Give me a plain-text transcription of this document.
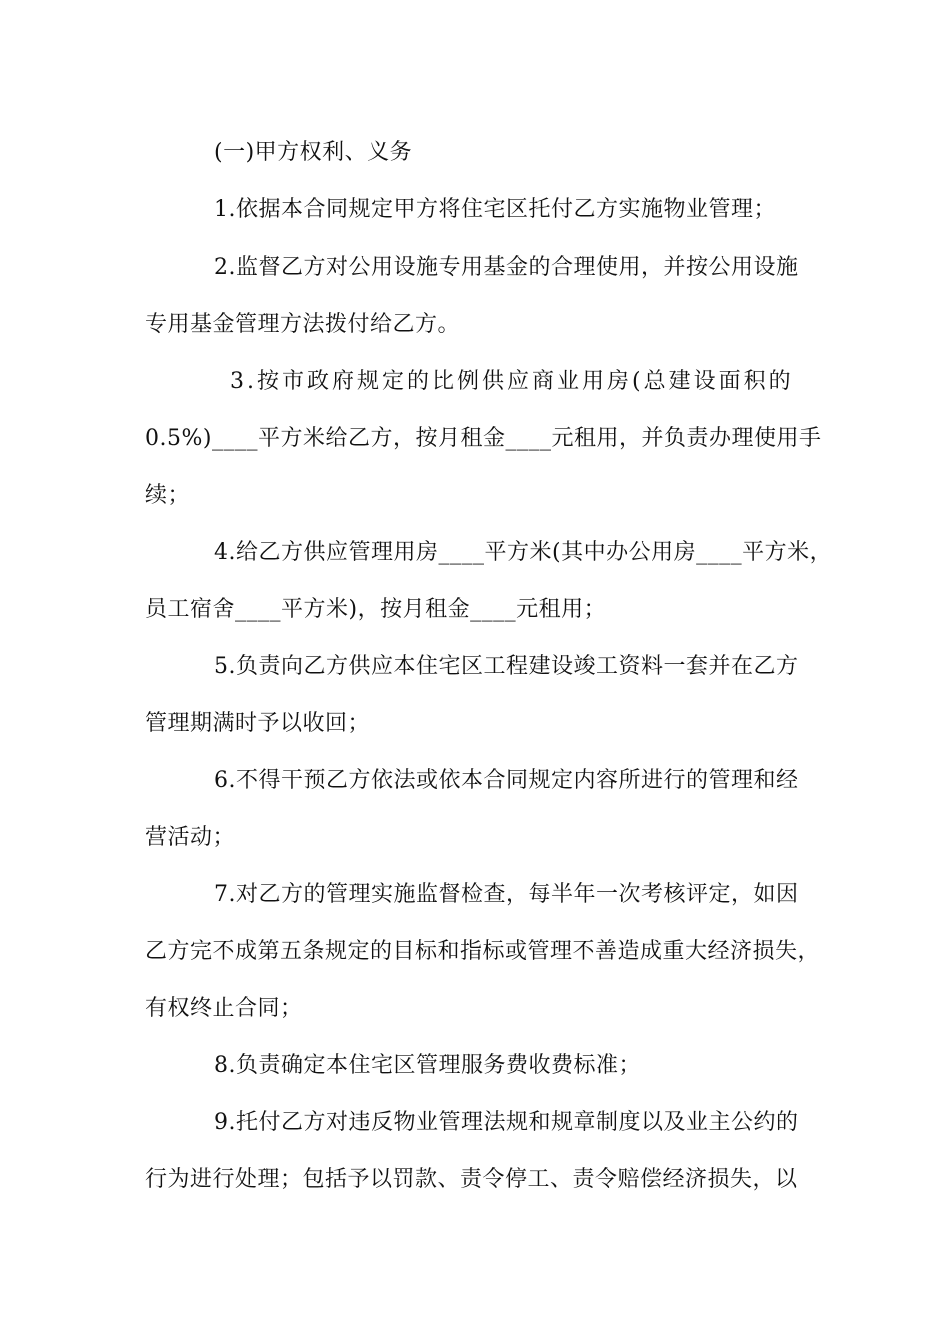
(一)甲方权利、义务
1.依据本合同规定甲方将住宅区托付乙方实施物业管理；
2.监督乙方对公用设施专用基金的合理使用，并按公用设施
专用基金管理方法拨付给乙方。
3.按市政府规定的比例供应商业用房(总建设面积的
0.5%)____平方米给乙方，按月租金____元租用，并负责办理使用手
续；
4.给乙方供应管理用房____平方米(其中办公用房____平方米，
员工宿舍____平方米)，按月租金____元租用；
5.负责向乙方供应本住宅区工程建设竣工资料一套并在乙方
管理期满时予以收回；
6.不得干预乙方依法或依本合同规定内容所进行的管理和经
营活动；
7.对乙方的管理实施监督检查，每半年一次考核评定，如因
乙方完不成第五条规定的目标和指标或管理不善造成重大经济损失，
有权终止合同；
8.负责确定本住宅区管理服务费收费标准；
9.托付乙方对违反物业管理法规和规章制度以及业主公约的
行为进行处理；包括予以罚款、责令停工、责令赔偿经济损失，以
